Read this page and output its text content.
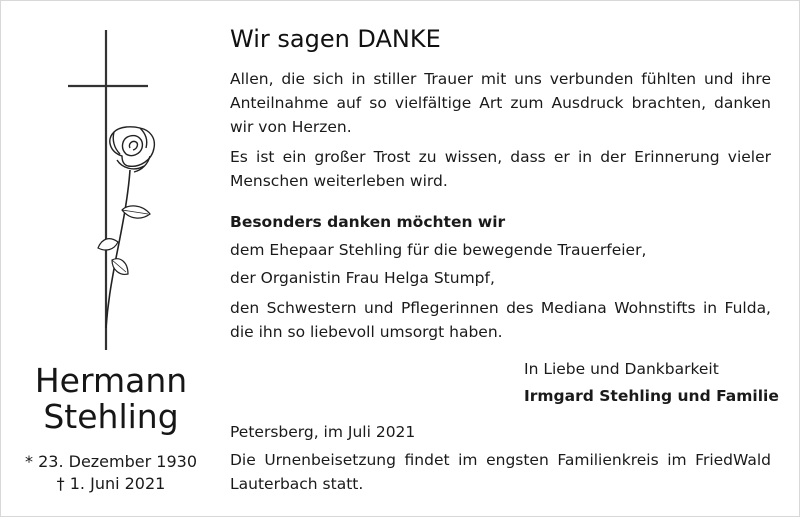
Hermann
Stehling
* 23. Dezember 1930
† 1. Juni 2021
Wir sagen DANKE
Allen, die sich in stiller Trauer mit uns verbunden fühlten und ihre Anteilnahme auf so vielfältige Art zum Ausdruck brachten, danken wir von Herzen.
Es ist ein großer Trost zu wissen, dass er in der Erinnerung vieler Menschen weiterleben wird.
Besonders danken möchten wir
dem Ehepaar Stehling für die bewegende Trauerfeier,
der Organistin Frau Helga Stumpf,
den Schwestern und Pflegerinnen des Mediana Wohnstifts in Fulda, die ihn so liebevoll umsorgt haben.
In Liebe und Dankbarkeit
Irmgard Stehling und Familie
Petersberg, im Juli 2021
Die Urnenbeisetzung findet im engsten Familienkreis im FriedWald Lauterbach statt.
